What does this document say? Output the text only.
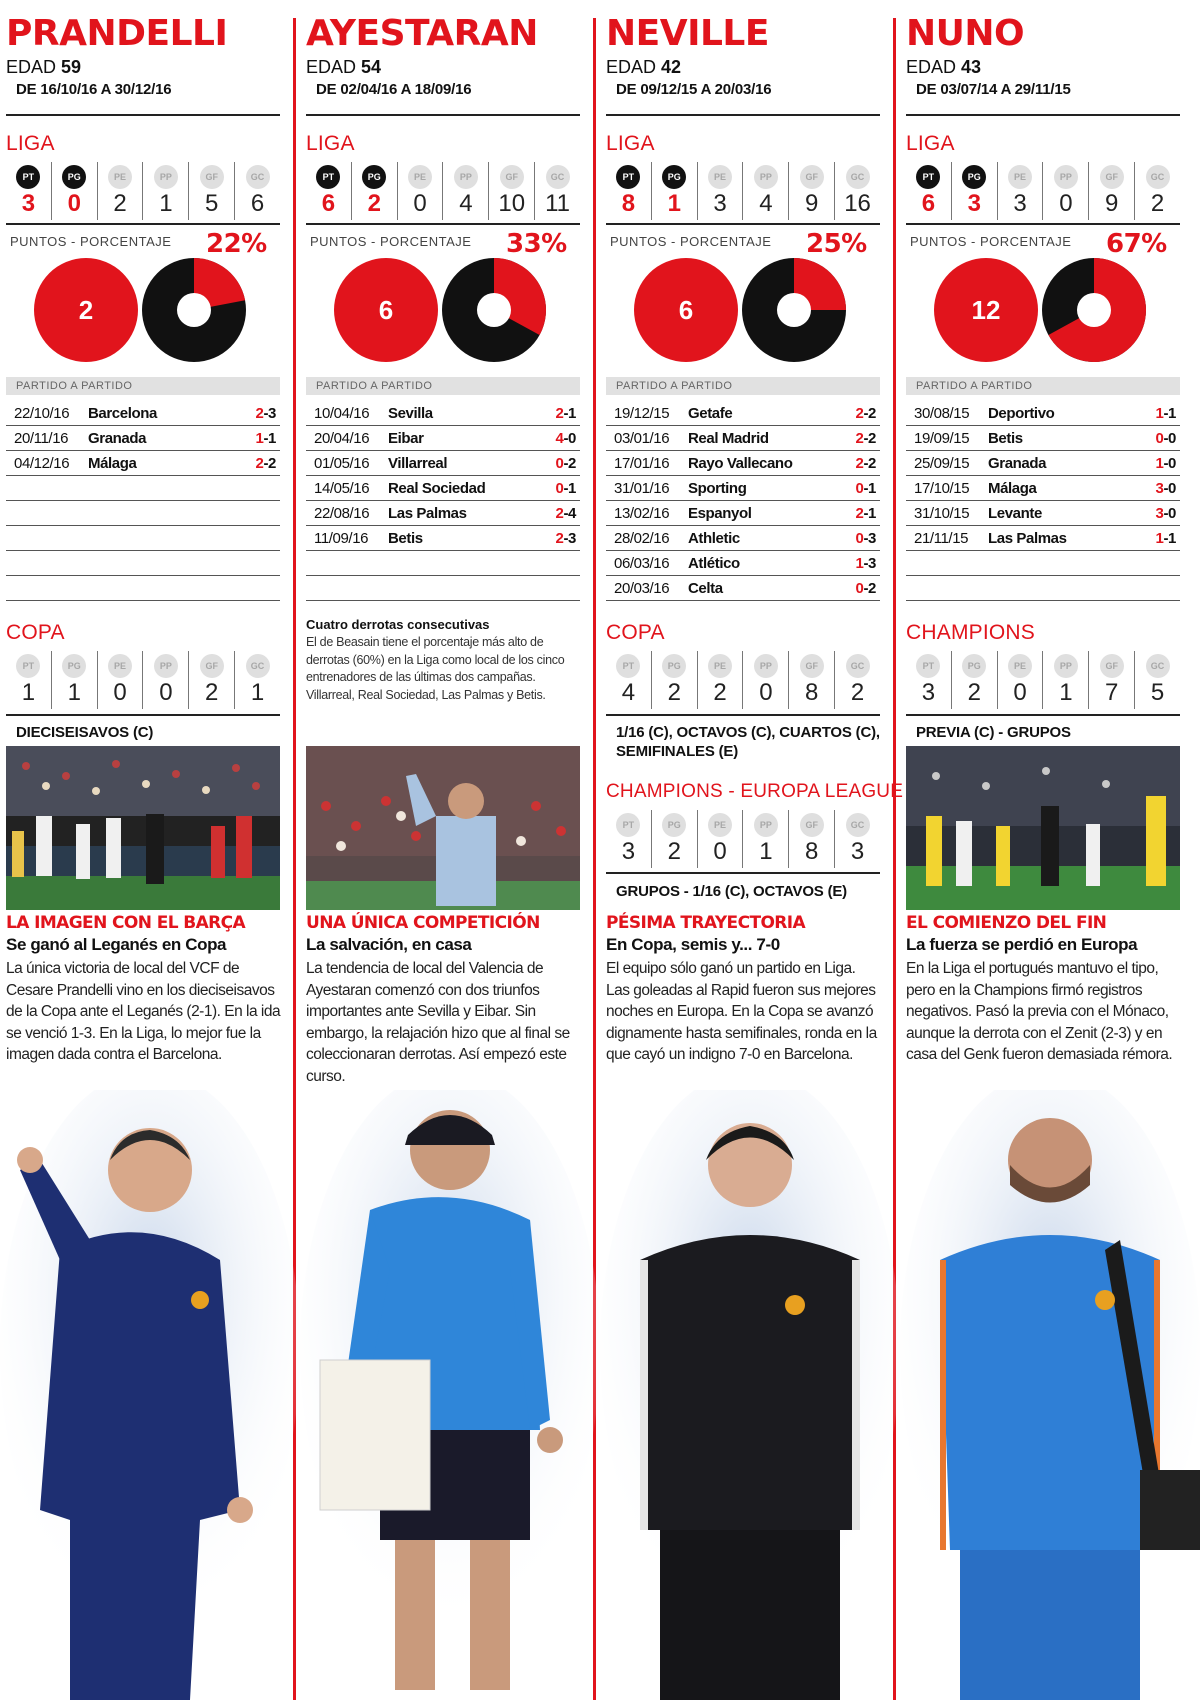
PRANDELLI
EDAD 59
DE 16/10/16 A 30/12/16
LIGA
PT
3
PG
0
PE
2
PP
1
GF
5
GC
6
PUNTOS - PORCENTAJE 22%
2
PARTIDO A PARTIDO
22/10/16 Barcelona	2-3
20/11/16 Granada	1-1
04/12/16 Málaga	2-2
COPA
PT
1
PG
1
PE
0
PP
0
GF
2
GC
1
DIECISEISAVOS (C)
LA IMAGEN CON EL BARÇA
Se ganó al Leganés en Copa
La única victoria de local del VCF de Cesare Prandelli vino en los dieciseisavos de la Copa ante el Leganés (2-1). En la ida se venció 1-3. En la Liga, lo mejor fue la imagen dada contra el Barcelona.
AYESTARAN
EDAD 54
DE 02/04/16 A 18/09/16
LIGA
PT
6
PG
2
PE
0
PP
4
GF
10
GC
11
PUNTOS - PORCENTAJE 33%
6
PARTIDO A PARTIDO
10/04/16 Sevilla	2-1
20/04/16 Eibar	4-0
01/05/16 Villarreal	0-2
14/05/16 Real Sociedad	0-1
22/08/16 Las Palmas	2-4
11/09/16 Betis	2-3
Cuatro derrotas consecutivas
El de Beasain tiene el porcentaje más alto de derrotas (60%) en la Liga como local de los cinco entrenadores de las últimas dos campañas. Villarreal, Real Sociedad, Las Palmas y Betis.
UNA ÚNICA COMPETICIÓN
La salvación, en casa
La tendencia de local del Valencia de Ayestaran comenzó con dos triunfos importantes ante Sevilla y Eibar. Sin embargo, la relajación hizo que al final se coleccionaran derrotas. Así empezó este curso.
NEVILLE
EDAD 42
DE 09/12/15 A 20/03/16
LIGA
PT
8
PG
1
PE
3
PP
4
GF
9
GC
16
PUNTOS - PORCENTAJE 25%
6
PARTIDO A PARTIDO
19/12/15 Getafe	2-2
03/01/16 Real Madrid	2-2
17/01/16 Rayo Vallecano	2-2
31/01/16 Sporting	0-1
13/02/16 Espanyol	2-1
28/02/16 Athletic	0-3
06/03/16 Atlético	1-3
20/03/16 Celta	0-2
COPA
PT
4
PG
2
PE
2
PP
0
GF
8
GC
2
1/16 (C), OCTAVOS (C), CUARTOS (C), SEMIFINALES (E)
CHAMPIONS - EUROPA LEAGUE
PT
3
PG
2
PE
0
PP
1
GF
8
GC
3
GRUPOS - 1/16 (C), OCTAVOS (E)
PÉSIMA TRAYECTORIA
En Copa, semis y... 7-0
El equipo sólo ganó un partido en Liga. Las goleadas al Rapid fueron sus mejores noches en Europa. En la Copa se avanzó dignamente hasta semifinales, ronda en la que cayó un indigno 7-0 en Barcelona.
NUNO
EDAD 43
DE 03/07/14 A 29/11/15
LIGA
PT
6
PG
3
PE
3
PP
0
GF
9
GC
2
PUNTOS - PORCENTAJE 67%
12
PARTIDO A PARTIDO
30/08/15 Deportivo	1-1
19/09/15 Betis	0-0
25/09/15 Granada	1-0
17/10/15 Málaga	3-0
31/10/15 Levante	3-0
21/11/15 Las Palmas	1-1
CHAMPIONS
PT
3
PG
2
PE
0
PP
1
GF
7
GC
5
PREVIA (C) - GRUPOS
EL COMIENZO DEL FIN
La fuerza se perdió en Europa
En la Liga el portugués mantuvo el tipo, pero en la Champions firmó registros negativos. Pasó la previa con el Mónaco, aunque la derrota con el Zenit (2-3) y en casa del Genk fueron demasiada rémora.
